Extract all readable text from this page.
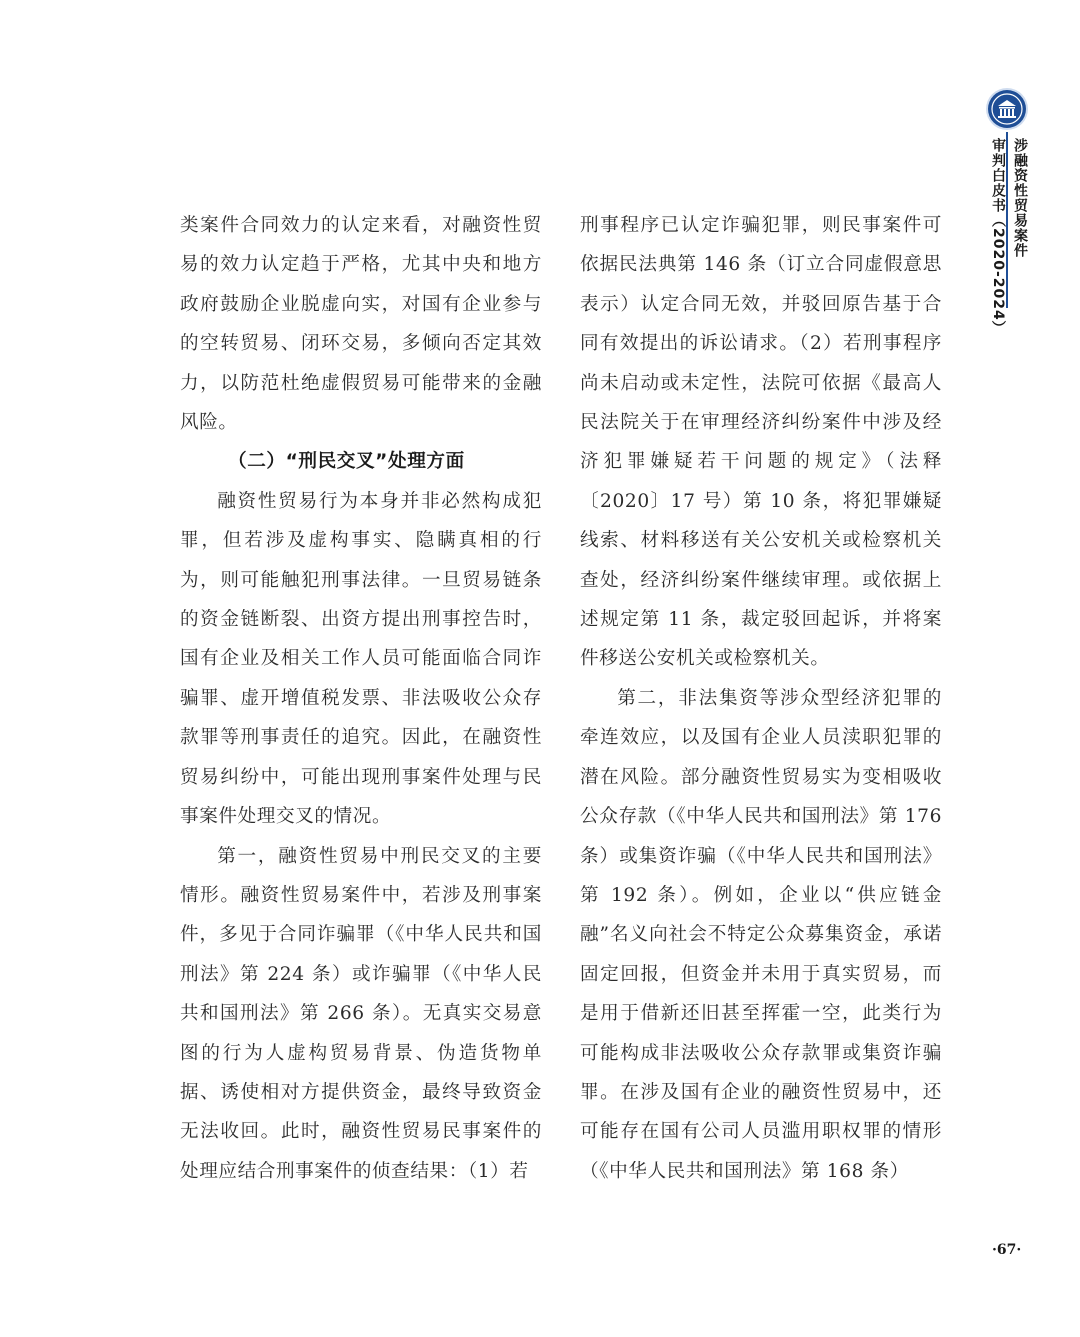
涉融资性贸易案件
审判白皮书（2020-2024）

类案件合同效力的认定来看，对融资性贸易的效力认定趋于严格，尤其中央和地方政府鼓励企业脱虚向实，对国有企业参与的空转贸易、闭环交易，多倾向否定其效力，以防范杜绝虚假贸易可能带来的金融风险。

（二）“刑民交叉”处理方面

融资性贸易行为本身并非必然构成犯罪，但若涉及虚构事实、隐瞒真相的行为，则可能触犯刑事法律。一旦贸易链条的资金链断裂、出资方提出刑事控告时，国有企业及相关工作人员可能面临合同诈骗罪、虚开增值税发票、非法吸收公众存款罪等刑事责任的追究。因此，在融资性贸易纠纷中，可能出现刑事案件处理与民事案件处理交叉的情况。

第一，融资性贸易中刑民交叉的主要情形。融资性贸易案件中，若涉及刑事案件，多见于合同诈骗罪（《中华人民共和国刑法》第 224 条）或诈骗罪（《中华人民共和国刑法》第 266 条）。无真实交易意图的行为人虚构贸易背景、伪造货物单据、诱使相对方提供资金，最终导致资金无法收回。此时，融资性贸易民事案件的处理应结合刑事案件的侦查结果：（1）若

刑事程序已认定诈骗犯罪，则民事案件可依据民法典第 146 条（订立合同虚假意思表示）认定合同无效，并驳回原告基于合同有效提出的诉讼请求。（2）若刑事程序尚未启动或未定性，法院可依据《最高人民法院关于在审理经济纠纷案件中涉及经济犯罪嫌疑若干问题的规定》（法释〔2020〕17 号）第 10 条，将犯罪嫌疑线索、材料移送有关公安机关或检察机关查处，经济纠纷案件继续审理。或依据上述规定第 11 条，裁定驳回起诉，并将案件移送公安机关或检察机关。

第二，非法集资等涉众型经济犯罪的牵连效应，以及国有企业人员渎职犯罪的潜在风险。部分融资性贸易实为变相吸收公众存款（《中华人民共和国刑法》第 176 条）或集资诈骗（《中华人民共和国刑法》第 192 条）。例如，企业以“供应链金融”名义向社会不特定公众募集资金，承诺固定回报，但资金并未用于真实贸易，而是用于借新还旧甚至挥霍一空，此类行为可能构成非法吸收公众存款罪或集资诈骗罪。在涉及国有企业的融资性贸易中，还可能存在国有公司人员滥用职权罪的情形（《中华人民共和国刑法》第 168 条）

·67·
